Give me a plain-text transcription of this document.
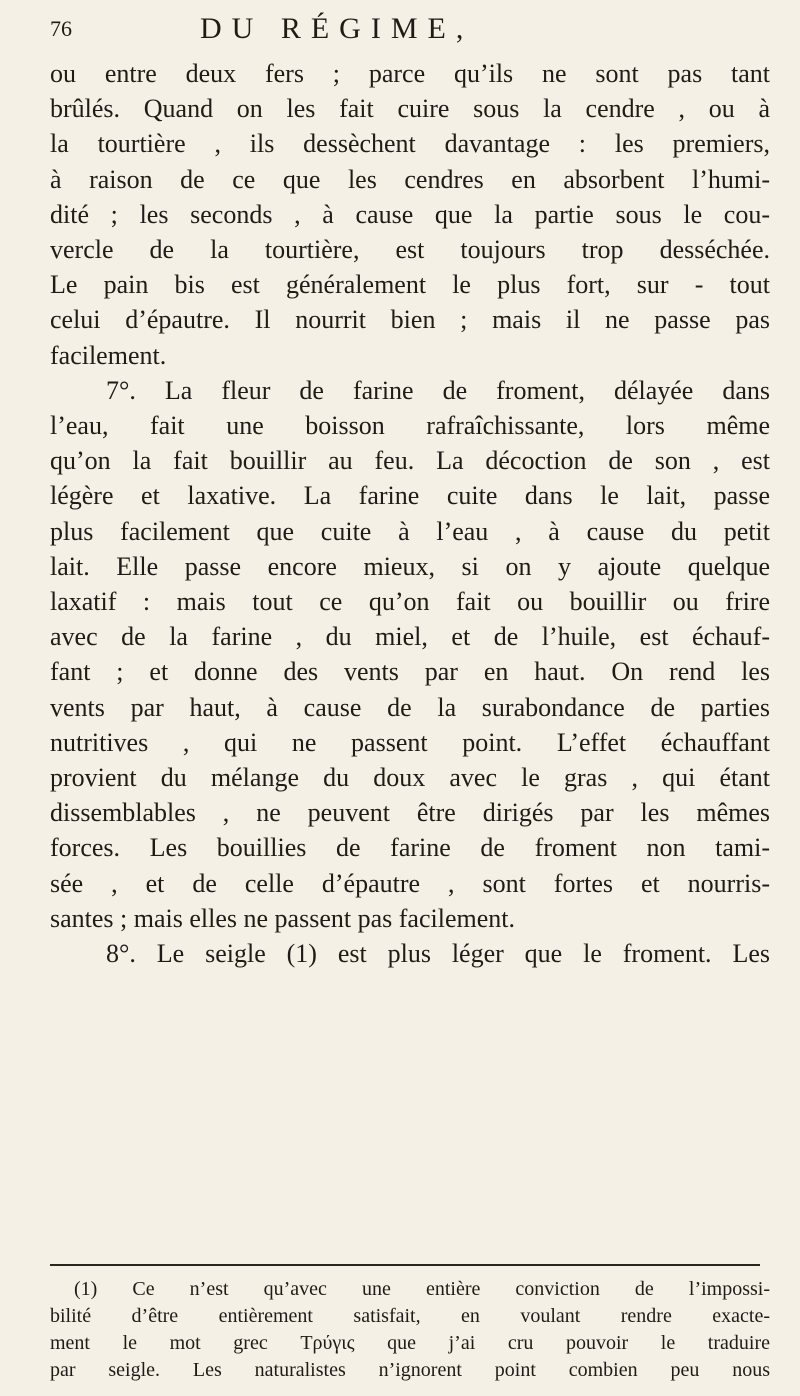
76	DU RÉGIME,
ou entre deux fers ; parce qu’ils ne sont pas tant
brûlés. Quand on les fait cuire sous la cendre , ou à
la tourtière , ils dessèchent davantage : les premiers,
à raison de ce que les cendres en absorbent l’humi-
dité ; les seconds , à cause que la partie sous le cou-
vercle de la tourtière, est toujours trop desséchée.
Le pain bis est généralement le plus fort, sur - tout
celui d’épautre. Il nourrit bien ; mais il ne passe pas
facilement.
7°. La fleur de farine de froment, délayée dans
l’eau, fait une boisson rafraîchissante, lors même
qu’on la fait bouillir au feu. La décoction de son , est
légère et laxative. La farine cuite dans le lait, passe
plus facilement que cuite à l’eau , à cause du petit
lait. Elle passe encore mieux, si on y ajoute quelque
laxatif : mais tout ce qu’on fait ou bouillir ou frire
avec de la farine , du miel, et de l’huile, est échauf-
fant ; et donne des vents par en haut. On rend les
vents par haut, à cause de la surabondance de parties
nutritives , qui ne passent point. L’effet échauffant
provient du mélange du doux avec le gras , qui étant
dissemblables , ne peuvent être dirigés par les mêmes
forces. Les bouillies de farine de froment non tami-
sée , et de celle d’épautre , sont fortes et nourris-
santes ; mais elles ne passent pas facilement.
8°. Le seigle (1) est plus léger que le froment. Les
(1) Ce n’est qu’avec une entière conviction de l’impossi-
bilité d’être entièrement satisfait, en voulant rendre exacte-
ment le mot grec Τρύγις que j’ai cru pouvoir le traduire
par seigle. Les naturalistes n’ignorent point combien peu nous
